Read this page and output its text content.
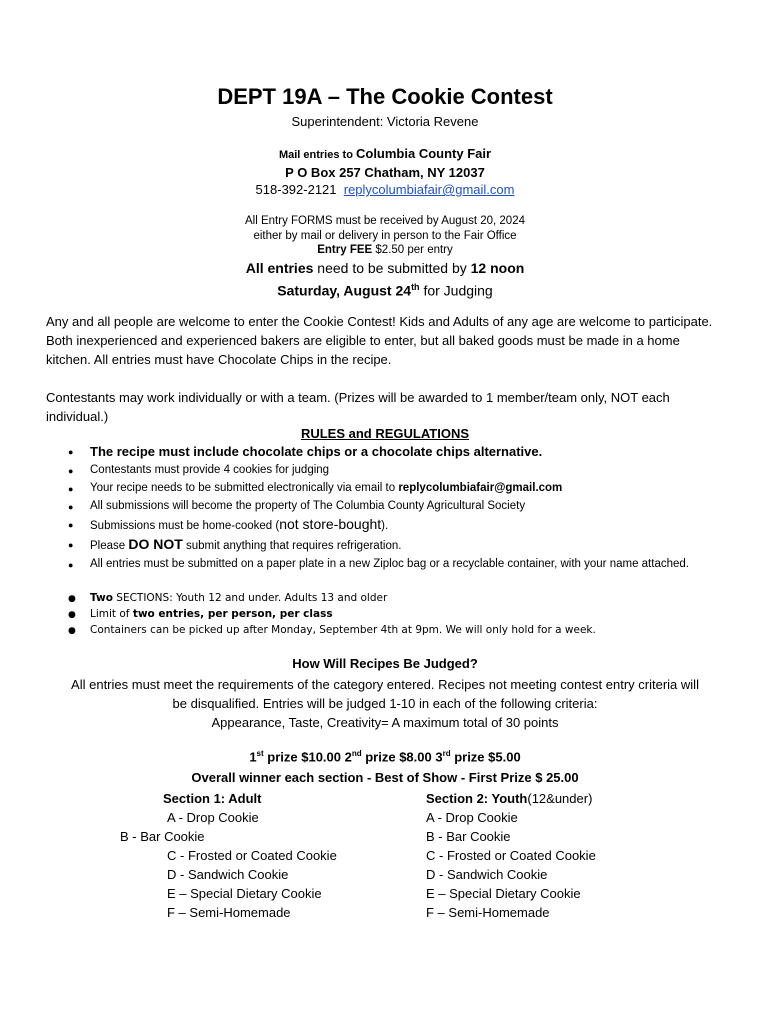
DEPT 19A – The Cookie Contest
Superintendent: Victoria Revene
Mail entries to Columbia County Fair
P O Box 257 Chatham, NY 12037
518-392-2121 replycolumbiafair@gmail.com
All Entry FORMS must be received by August 20, 2024
either by mail or delivery in person to the Fair Office
Entry FEE $2.50 per entry
All entries need to be submitted by 12 noon
Saturday, August 24th for Judging
Any and all people are welcome to enter the Cookie Contest! Kids and Adults of any age are welcome to participate. Both inexperienced and experienced bakers are eligible to enter, but all baked goods must be made in a home kitchen. All entries must have Chocolate Chips in the recipe.
Contestants may work individually or with a team. (Prizes will be awarded to 1 member/team only, NOT each individual.)
RULES and REGULATIONS
● The recipe must include chocolate chips or a chocolate chips alternative.
● Contestants must provide 4 cookies for judging
● Your recipe needs to be submitted electronically via email to replycolumbiafair@gmail.com
● All submissions will become the property of The Columbia County Agricultural Society
● Submissions must be home-cooked (not store-bought).
● Please DO NOT submit anything that requires refrigeration.
● All entries must be submitted on a paper plate in a new Ziploc bag or a recyclable container, with your name attached.
● Two SECTIONS: Youth 12 and under. Adults 13 and older
● Limit of two entries, per person, per class
● Containers can be picked up after Monday, September 4th at 9pm. We will only hold for a week.
How Will Recipes Be Judged?
All entries must meet the requirements of the category entered. Recipes not meeting contest entry criteria will
be disqualified. Entries will be judged 1-10 in each of the following criteria:
Appearance, Taste, Creativity= A maximum total of 30 points
1st prize $10.00 2nd prize $8.00 3rd prize $5.00
Overall winner each section - Best of Show - First Prize $ 25.00
Section 1: Adult
A - Drop Cookie
B - Bar Cookie
C - Frosted or Coated Cookie
D - Sandwich Cookie
E – Special Dietary Cookie
F – Semi-Homemade
Section 2: Youth(12&under)
A - Drop Cookie
B - Bar Cookie
C - Frosted or Coated Cookie
D - Sandwich Cookie
E – Special Dietary Cookie
F – Semi-Homemade
